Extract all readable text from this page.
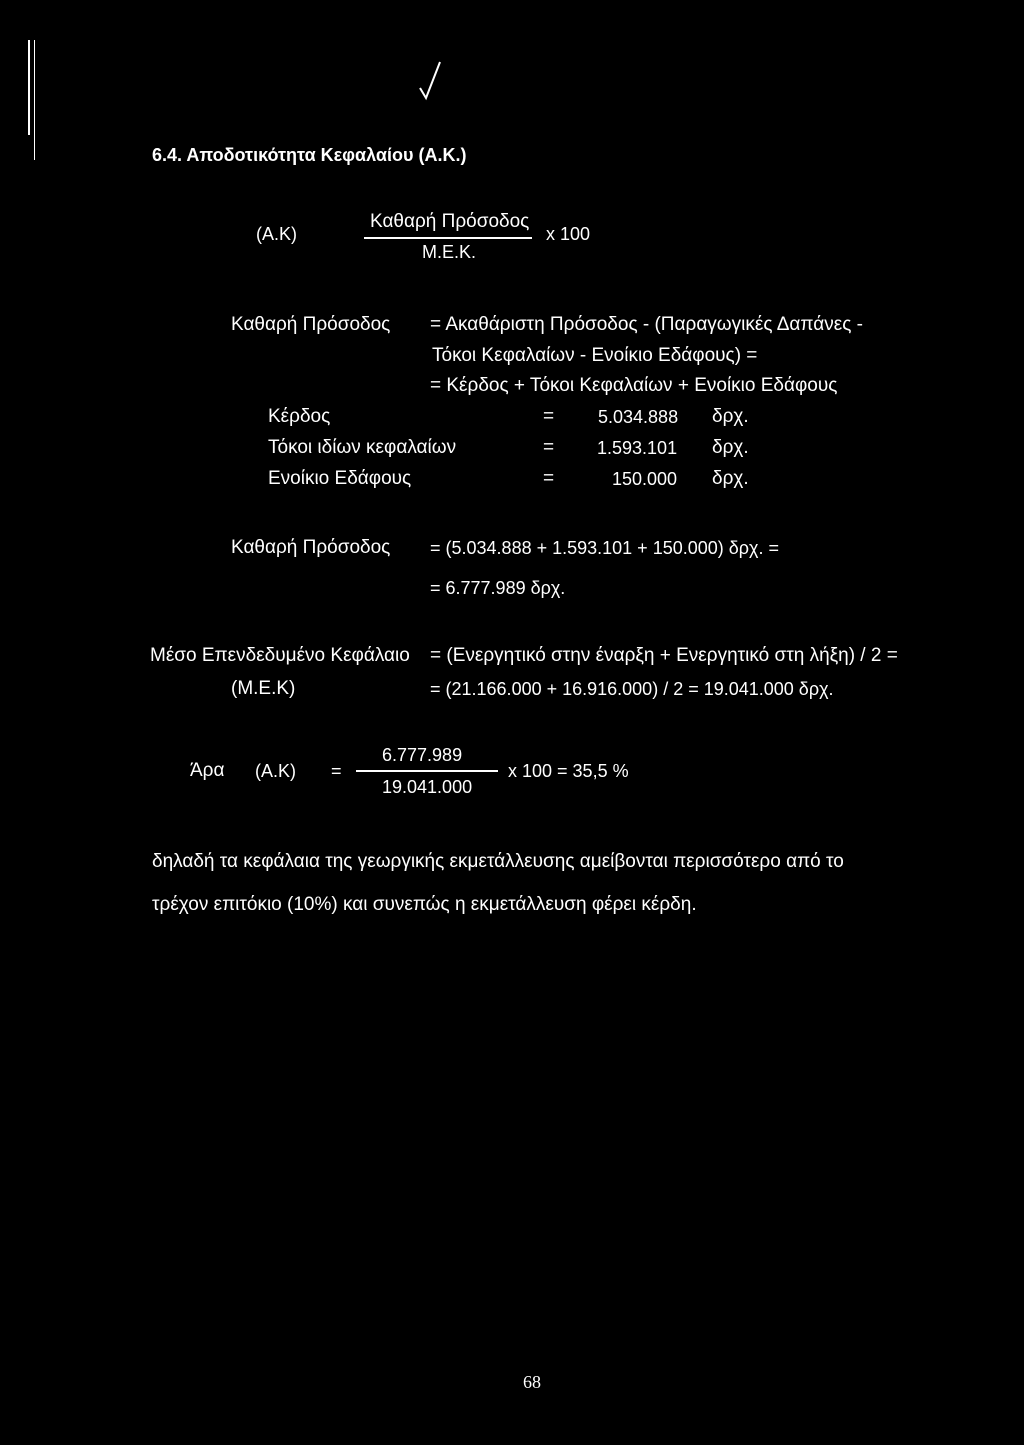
6.4. Αποδοτικότητα Κεφαλαίου (Α.Κ.)
(Α.Κ)
Καθαρή Πρόσοδος
Μ.Ε.Κ.
x 100
Καθαρή Πρόσοδος = Ακαθάριστη Πρόσοδος - (Παραγωγικές Δαπάνες -
Τόκοι Κεφαλαίων - Ενοίκιο Εδάφους) =
= Κέρδος + Τόκοι Κεφαλαίων + Ενοίκιο Εδάφους
Κέρδος	= 5.034.888 δρχ.
Τόκοι ιδίων κεφαλαίων	= 1.593.101 δρχ.
Ενοίκιο Εδάφους	=	150.000 δρχ.
Καθαρή Πρόσοδος = (5.034.888 + 1.593.101 + 150.000) δρχ. =
= 6.777.989 δρχ.
Μέσο Επενδεδυμένο Κεφάλαιο
(Μ.Ε.Κ)
= (Ενεργητικό στην έναρξη + Ενεργητικό στη λήξη) / 2 =
= (21.166.000 + 16.916.000) / 2 = 19.041.000 δρχ.
Άρα (Α.Κ) =
6.777.989
19.041.000
x 100 = 35,5 %
δηλαδή τα κεφάλαια της γεωργικής εκμετάλλευσης αμείβονται περισσότερο από το
τρέχον επιτόκιο (10%) και συνεπώς η εκμετάλλευση φέρει κέρδη.
68
